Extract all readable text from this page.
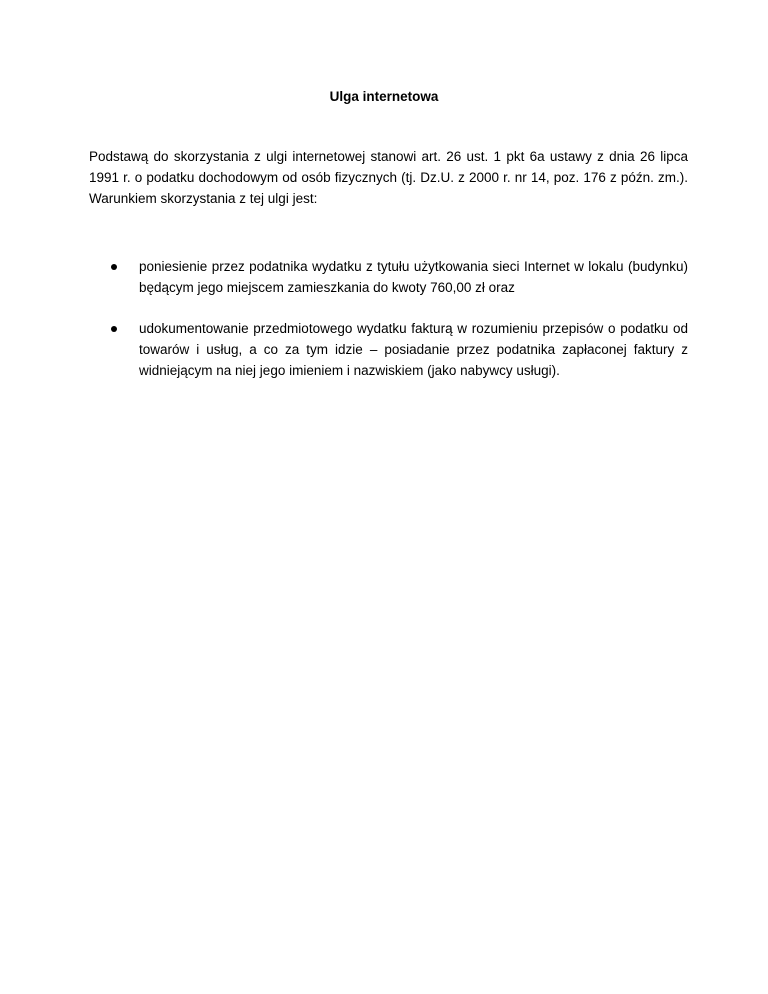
Ulga internetowa

Podstawą do skorzystania z ulgi internetowej stanowi art. 26 ust. 1 pkt 6a ustawy z dnia 26 lipca 1991 r. o podatku dochodowym od osób fizycznych (tj. Dz.U. z 2000 r. nr 14, poz. 176 z późn. zm.). Warunkiem skorzystania z tej ulgi jest:

poniesienie przez podatnika wydatku z tytułu użytkowania sieci Internet w lokalu (budynku) będącym jego miejscem zamieszkania do kwoty 760,00 zł oraz
udokumentowanie przedmiotowego wydatku fakturą w rozumieniu przepisów o podatku od towarów i usług, a co za tym idzie – posiadanie przez podatnika zapłaconej faktury z widniejącym na niej jego imieniem i nazwiskiem (jako nabywcy usługi).
